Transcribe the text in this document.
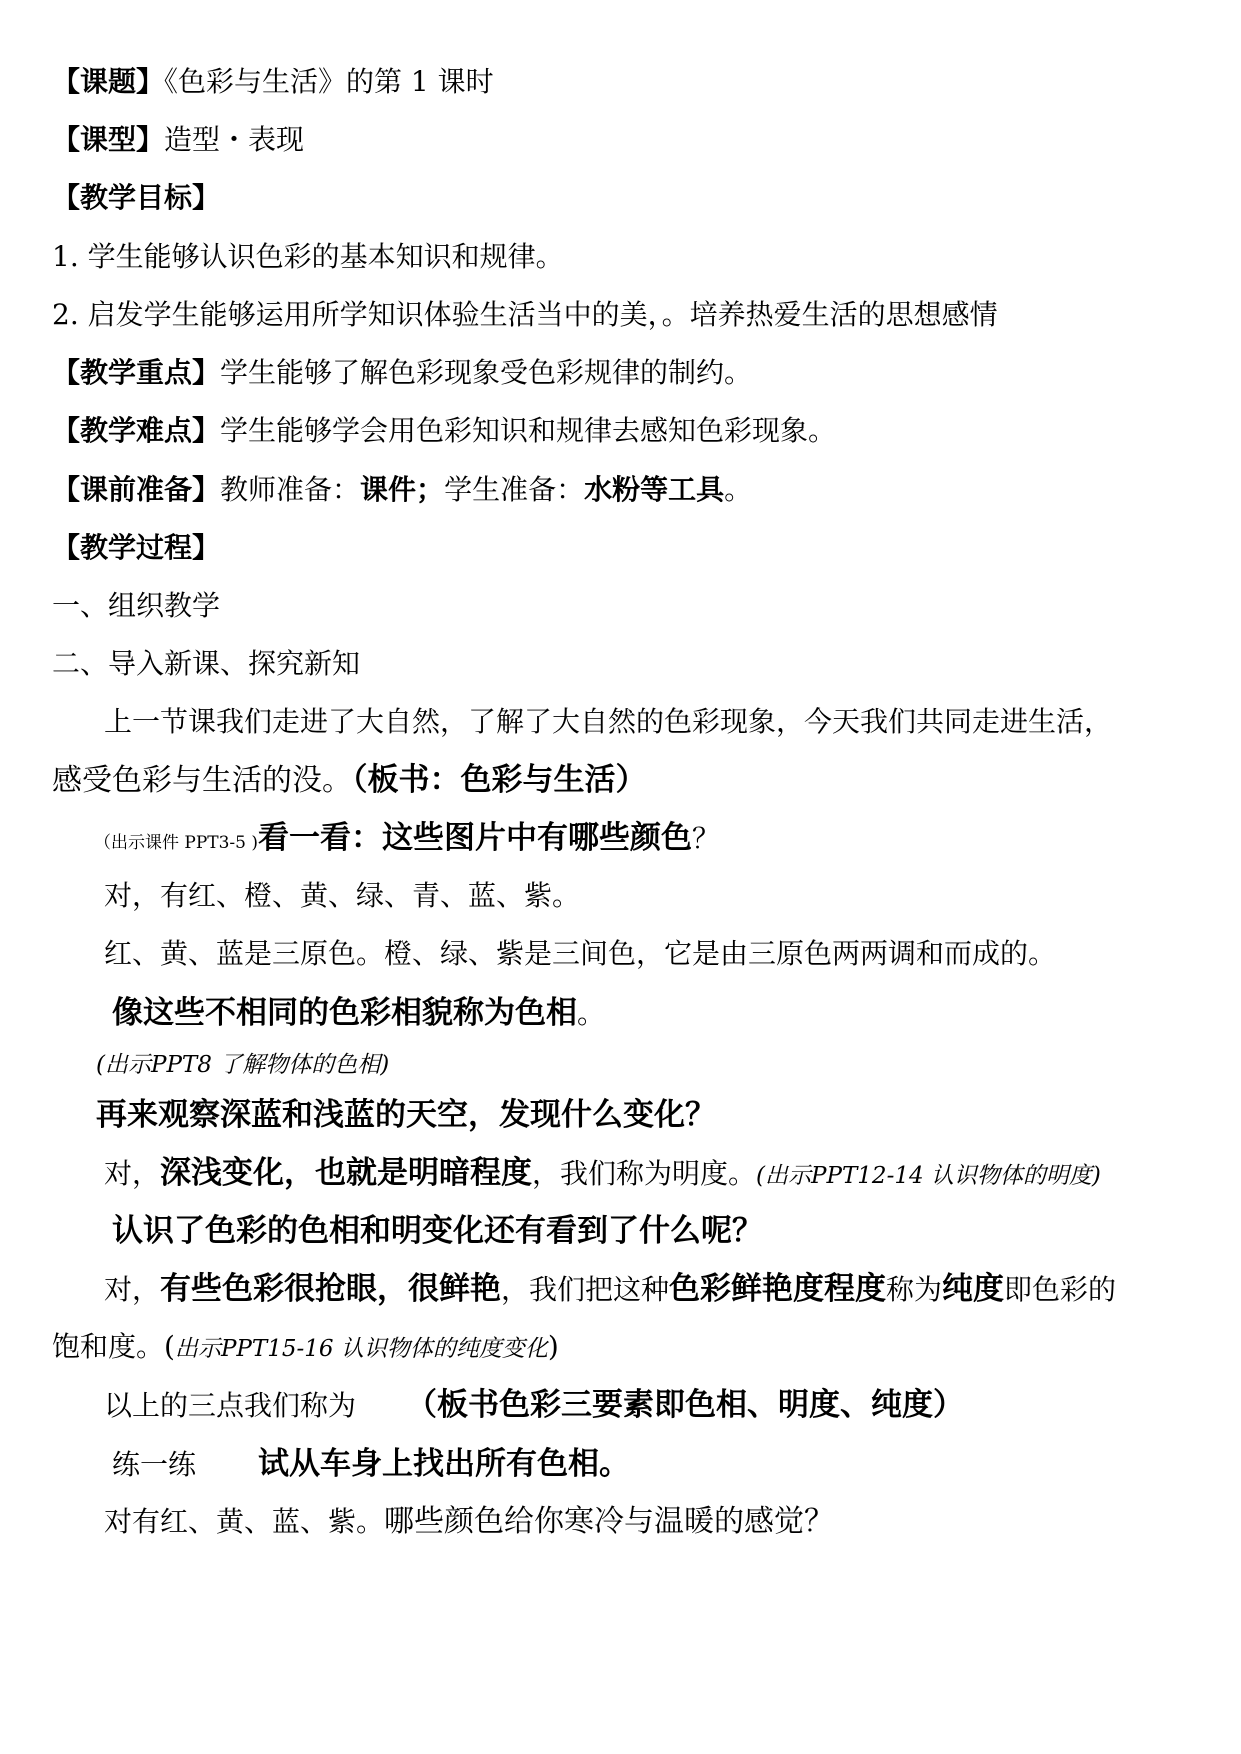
【课题】《色彩与生活》的第 1 课时
【课型】造型・表现
【教学目标】
1. 学生能够认识色彩的基本知识和规律。
2. 启发学生能够运用所学知识体验生活当中的美，。培养热爱生活的思想感情
【教学重点】学生能够了解色彩现象受色彩规律的制约。
【教学难点】学生能够学会用色彩知识和规律去感知色彩现象。
【课前准备】教师准备：课件；学生准备：水粉等工具。
【教学过程】
一、组织教学
二、导入新课、探究新知
上一节课我们走进了大自然，了解了大自然的色彩现象，今天我们共同走进生活，
感受色彩与生活的没。（板书：色彩与生活）
（出示课件 PPT3-5 )看一看：这些图片中有哪些颜色？
对，有红、橙、黄、绿、青、蓝、紫。
红、黄、蓝是三原色。橙、绿、紫是三间色，它是由三原色两两调和而成的。
像这些不相同的色彩相貌称为色相。
(出示PPT8 了解物体的色相)
再来观察深蓝和浅蓝的天空，发现什么变化？
对，深浅变化，也就是明暗程度，我们称为明度。(出示PPT12-14 认识物体的明度)
认识了色彩的色相和明变化还有看到了什么呢？
对，有些色彩很抢眼，很鲜艳，我们把这种色彩鲜艳度程度称为纯度即色彩的
饱和度。(出示PPT15-16 认识物体的纯度变化)
以上的三点我们称为 （板书色彩三要素即色相、明度、纯度）
练一练 试从车身上找出所有色相。
对有红、黄、蓝、紫。哪些颜色给你寒冷与温暖的感觉？
